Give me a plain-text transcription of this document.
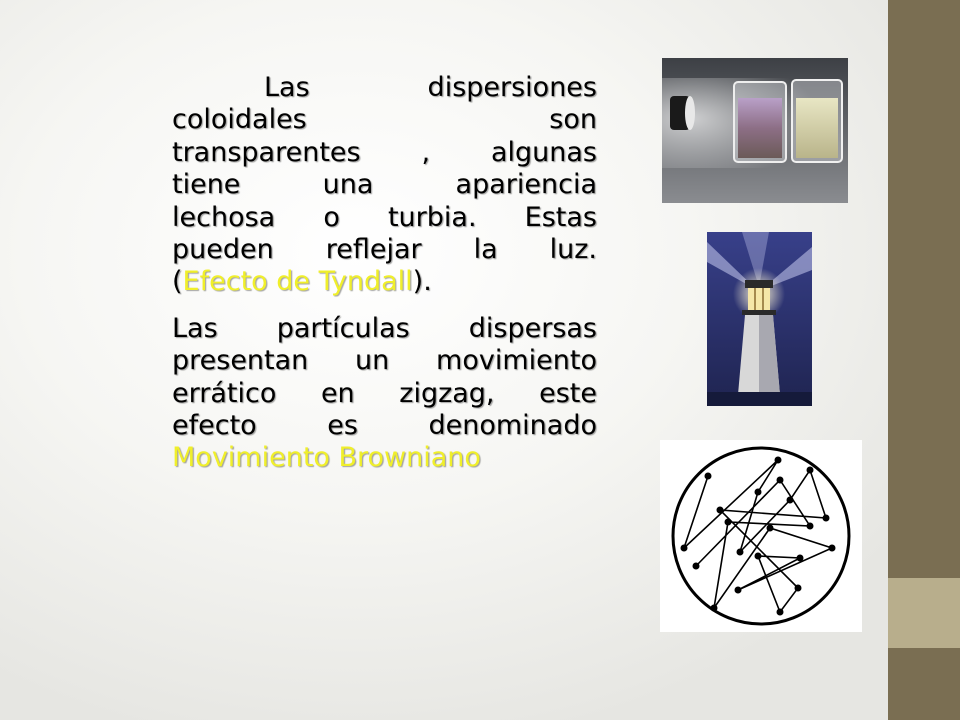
Las dispersiones
coloidales son
transparentes , algunas
tiene una apariencia
lechosa o turbia. Estas
pueden reflejar la luz.
(Efecto de Tyndall).

Las partículas dispersas
presentan un movimiento
errático en zigzag, este
efecto es denominado
Movimiento Browniano
